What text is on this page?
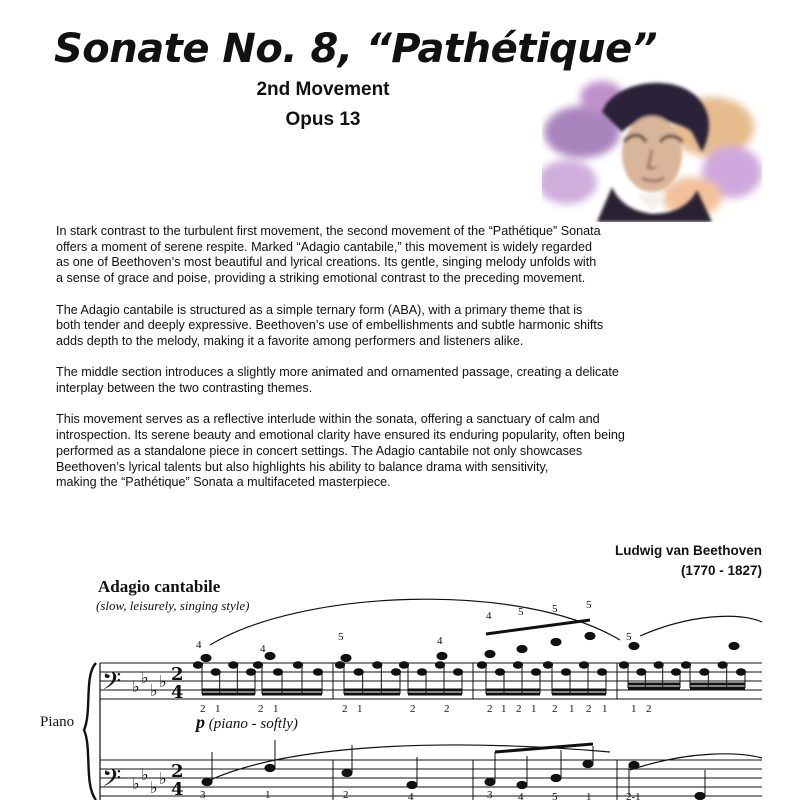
Sonate No. 8, “Pathétique”
2nd Movement
Opus 13

In stark contrast to the turbulent first movement, the second movement of the “Pathétique” Sonata
offers a moment of serene respite. Marked “Adagio cantabile,” this movement is widely regarded
as one of Beethoven’s most beautiful and lyrical creations. Its gentle, singing melody unfolds with
a sense of grace and poise, providing a striking emotional contrast to the preceding movement.

The Adagio cantabile is structured as a simple ternary form (ABA), with a primary theme that is
both tender and deeply expressive. Beethoven’s use of embellishments and subtle harmonic shifts
adds depth to the melody, making it a favorite among performers and listeners alike.

The middle section introduces a slightly more animated and ornamented passage, creating a delicate
interplay between the two contrasting themes.

This movement serves as a reflective interlude within the sonata, offering a sanctuary of calm and
introspection. Its serene beauty and emotional clarity have ensured its enduring popularity, often being
performed as a standalone piece in concert settings. The Adagio cantabile not only showcases
Beethoven’s lyrical talents but also highlights his ability to balance drama with sensitivity,
making the “Pathétique” Sonata a multifaceted masterpiece.

Ludwig van Beethoven
(1770 - 1827)
𝄢
𝄢
♭ ♭
♭ ♭
♭ ♭
♭ ♭
2
4
2
4
4	4
5	4
4 5	5	5
5
2 1	2 1	2 1	2	2	2 1 2 1 2 1 2 1 1 2
3	1	2	4	3 4	5	1	2-1
Adagio cantabile
(slow, leisurely, singing style)
Piano	p (piano - softly)
